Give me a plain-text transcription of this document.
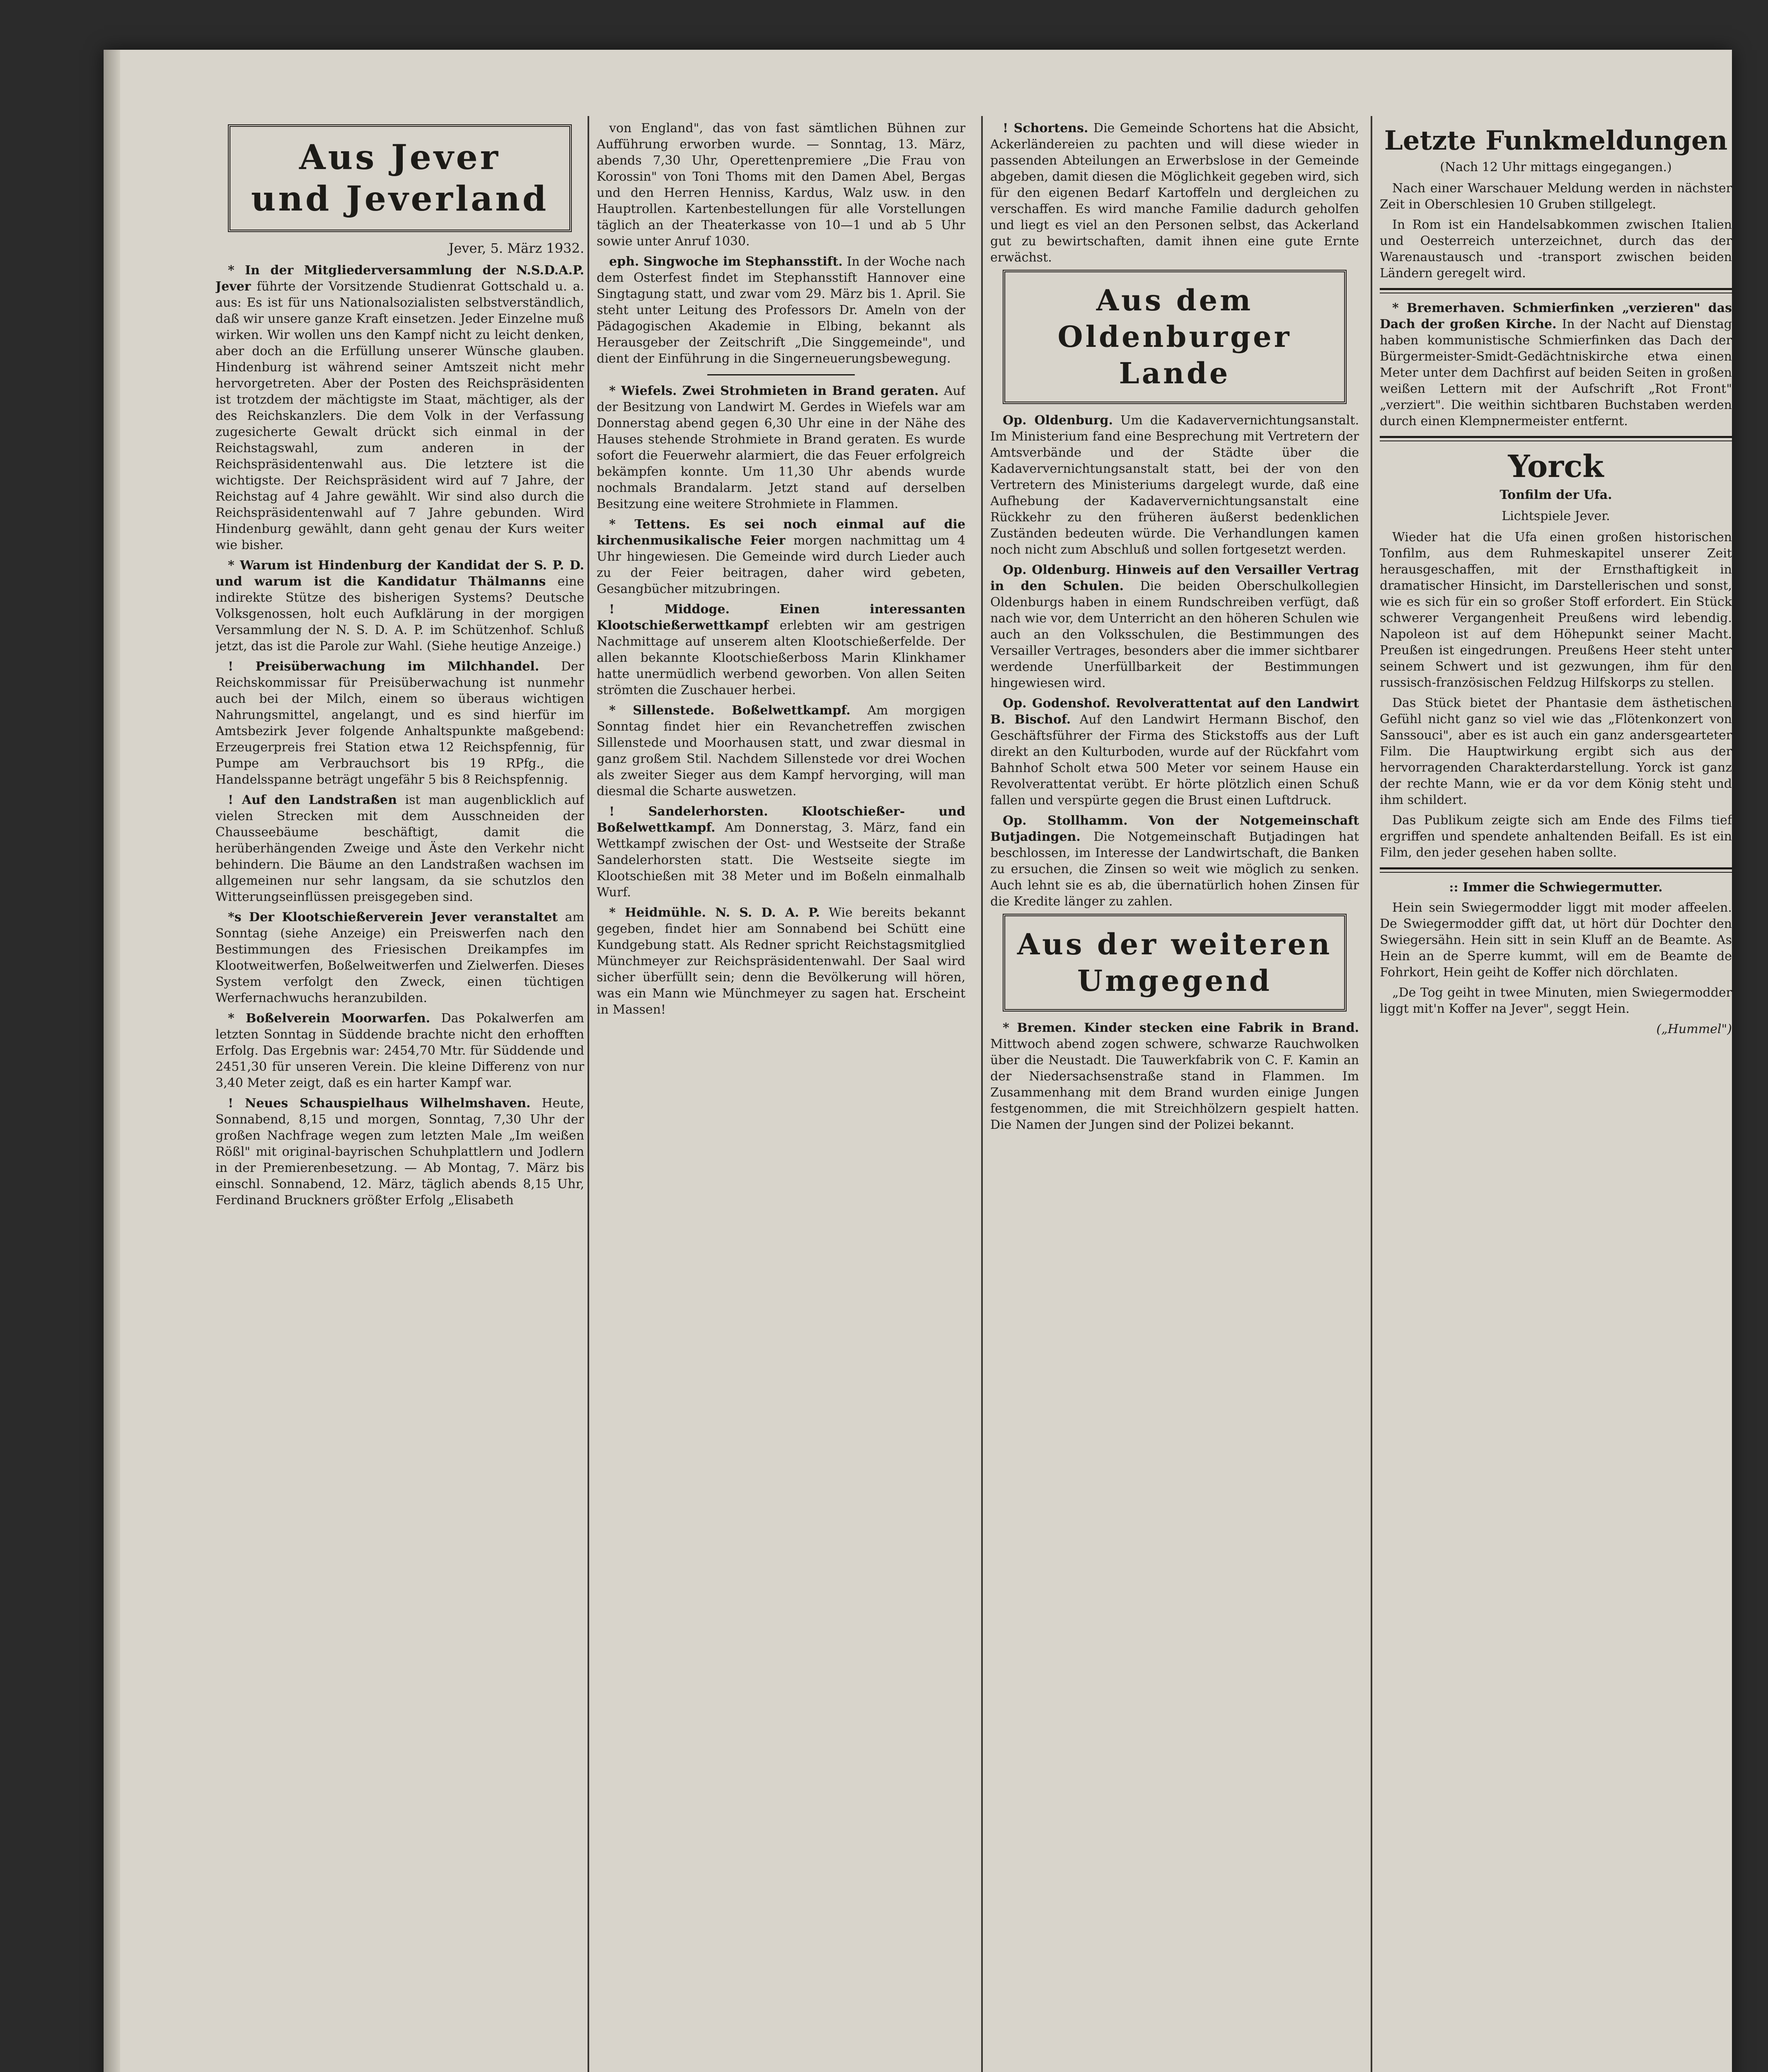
Aus Jever
und Jeverland
Jever, 5. März 1932.

* In der Mitgliederversammlung der N.S.D.A.P. Jever führte der Vorsitzende Studienrat Gottschald u. a. aus: Es ist für uns Nationalsozialisten selbstverständlich, daß wir unsere ganze Kraft einsetzen. Jeder Einzelne muß wirken. Wir wollen uns den Kampf nicht zu leicht denken, aber doch an die Erfüllung unserer Wünsche glauben. Hindenburg ist während seiner Amtszeit nicht mehr hervorgetreten. Aber der Posten des Reichspräsidenten ist trotzdem der mächtigste im Staat, mächtiger, als der des Reichskanzlers. Die dem Volk in der Verfassung zugesicherte Gewalt drückt sich einmal in der Reichstagswahl, zum anderen in der Reichspräsidentenwahl aus. Die letztere ist die wichtigste. Der Reichspräsident wird auf 7 Jahre, der Reichstag auf 4 Jahre gewählt. Wir sind also durch die Reichspräsidentenwahl auf 7 Jahre gebunden. Wird Hindenburg gewählt, dann geht genau der Kurs weiter wie bisher.

* Warum ist Hindenburg der Kandidat der S. P. D. und warum ist die Kandidatur Thälmanns eine indirekte Stütze des bisherigen Systems? Deutsche Volksgenossen, holt euch Aufklärung in der morgigen Versammlung der N. S. D. A. P. im Schützenhof. Schluß jetzt, das ist die Parole zur Wahl. (Siehe heutige Anzeige.)

! Preisüberwachung im Milchhandel. Der Reichskommissar für Preisüberwachung ist nunmehr auch bei der Milch, einem so überaus wichtigen Nahrungsmittel, angelangt, und es sind hierfür im Amtsbezirk Jever folgende Anhaltspunkte maßgebend: Erzeugerpreis frei Station etwa 12 Reichspfennig, für Pumpe am Verbrauchsort bis 19 RPfg., die Handelsspanne beträgt ungefähr 5 bis 8 Reichspfennig.

! Auf den Landstraßen ist man augenblicklich auf vielen Strecken mit dem Ausschneiden der Chausseebäume beschäftigt, damit die herüberhängenden Zweige und Äste den Verkehr nicht behindern. Die Bäume an den Landstraßen wachsen im allgemeinen nur sehr langsam, da sie schutzlos den Witterungseinflüssen preisgegeben sind.

*s Der Klootschießerverein Jever veranstaltet am Sonntag (siehe Anzeige) ein Preiswerfen nach den Bestimmungen des Friesischen Dreikampfes im Klootweitwerfen, Boßelweitwerfen und Zielwerfen. Dieses System verfolgt den Zweck, einen tüchtigen Werfernachwuchs heranzubilden.

* Boßelverein Moorwarfen. Das Pokalwerfen am letzten Sonntag in Süddende brachte nicht den erhofften Erfolg. Das Ergebnis war: 2454,70 Mtr. für Süddende und 2451,30 für unseren Verein. Die kleine Differenz von nur 3,40 Meter zeigt, daß es ein harter Kampf war.

! Neues Schauspielhaus Wilhelmshaven. Heute, Sonnabend, 8,15 und morgen, Sonntag, 7,30 Uhr der großen Nachfrage wegen zum letzten Male „Im weißen Rößl" mit original-bayrischen Schuhplattlern und Jodlern in der Premierenbesetzung. — Ab Montag, 7. März bis einschl. Sonnabend, 12. März, täglich abends 8,15 Uhr, Ferdinand Bruckners größter Erfolg „Elisabeth

von England", das von fast sämtlichen Bühnen zur Aufführung erworben wurde. — Sonntag, 13. März, abends 7,30 Uhr, Operettenpremiere „Die Frau von Korossin" von Toni Thoms mit den Damen Abel, Bergas und den Herren Henniss, Kardus, Walz usw. in den Hauptrollen. Kartenbestellungen für alle Vorstellungen täglich an der Theaterkasse von 10—1 und ab 5 Uhr sowie unter Anruf 1030.

eph. Singwoche im Stephansstift. In der Woche nach dem Osterfest findet im Stephansstift Hannover eine Singtagung statt, und zwar vom 29. März bis 1. April. Sie steht unter Leitung des Professors Dr. Ameln von der Pädagogischen Akademie in Elbing, bekannt als Herausgeber der Zeitschrift „Die Singgemeinde", und dient der Einführung in die Singerneuerungsbewegung.

* Wiefels. Zwei Strohmieten in Brand geraten. Auf der Besitzung von Landwirt M. Gerdes in Wiefels war am Donnerstag abend gegen 6,30 Uhr eine in der Nähe des Hauses stehende Strohmiete in Brand geraten. Es wurde sofort die Feuerwehr alarmiert, die das Feuer erfolgreich bekämpfen konnte. Um 11,30 Uhr abends wurde nochmals Brandalarm. Jetzt stand auf derselben Besitzung eine weitere Strohmiete in Flammen.

* Tettens. Es sei noch einmal auf die kirchenmusikalische Feier morgen nachmittag um 4 Uhr hingewiesen. Die Gemeinde wird durch Lieder auch zu der Feier beitragen, daher wird gebeten, Gesangbücher mitzubringen.

! Middoge. Einen interessanten Klootschießerwettkampf erlebten wir am gestrigen Nachmittage auf unserem alten Klootschießerfelde. Der allen bekannte Klootschießerboss Marin Klinkhamer hatte unermüdlich werbend geworben. Von allen Seiten strömten die Zuschauer herbei.

* Sillenstede. Boßelwettkampf. Am morgigen Sonntag findet hier ein Revanchetreffen zwischen Sillenstede und Moorhausen statt, und zwar diesmal in ganz großem Stil. Nachdem Sillenstede vor drei Wochen als zweiter Sieger aus dem Kampf hervorging, will man diesmal die Scharte auswetzen.

! Sandelerhorsten. Klootschießer- und Boßelwettkampf. Am Donnerstag, 3. März, fand ein Wettkampf zwischen der Ost- und Westseite der Straße Sandelerhorsten statt. Die Westseite siegte im Klootschießen mit 38 Meter und im Boßeln einmalhalb Wurf.

* Heidmühle. N. S. D. A. P. Wie bereits bekannt gegeben, findet hier am Sonnabend bei Schütt eine Kundgebung statt. Als Redner spricht Reichstagsmitglied Münchmeyer zur Reichspräsidentenwahl. Der Saal wird sicher überfüllt sein; denn die Bevölkerung will hören, was ein Mann wie Münchmeyer zu sagen hat. Erscheint in Massen!

! Schortens. Die Gemeinde Schortens hat die Absicht, Ackerländereien zu pachten und will diese wieder in passenden Abteilungen an Erwerbslose in der Gemeinde abgeben, damit diesen die Möglichkeit gegeben wird, sich für den eigenen Bedarf Kartoffeln und dergleichen zu verschaffen. Es wird manche Familie dadurch geholfen und liegt es viel an den Personen selbst, das Ackerland gut zu bewirtschaften, damit ihnen eine gute Ernte erwächst.

Aus dem Oldenburger
Lande

Op. Oldenburg. Um die Kadaververnichtungsanstalt. Im Ministerium fand eine Besprechung mit Vertretern der Amtsverbände und der Städte über die Kadaververnichtungsanstalt statt, bei der von den Vertretern des Ministeriums dargelegt wurde, daß eine Aufhebung der Kadaververnichtungsanstalt eine Rückkehr zu den früheren äußerst bedenklichen Zuständen bedeuten würde. Die Verhandlungen kamen noch nicht zum Abschluß und sollen fortgesetzt werden.

Op. Oldenburg. Hinweis auf den Versailler Vertrag in den Schulen. Die beiden Oberschulkollegien Oldenburgs haben in einem Rundschreiben verfügt, daß nach wie vor, dem Unterricht an den höheren Schulen wie auch an den Volksschulen, die Bestimmungen des Versailler Vertrages, besonders aber die immer sichtbarer werdende Unerfüllbarkeit der Bestimmungen hingewiesen wird.

Op. Godenshof. Revolverattentat auf den Landwirt B. Bischof. Auf den Landwirt Hermann Bischof, den Geschäftsführer der Firma des Stickstoffs aus der Luft direkt an den Kulturboden, wurde auf der Rückfahrt vom Bahnhof Scholt etwa 500 Meter vor seinem Hause ein Revolverattentat verübt. Er hörte plötzlich einen Schuß fallen und verspürte gegen die Brust einen Luftdruck.

Op. Stollhamm. Von der Notgemeinschaft Butjadingen. Die Notgemeinschaft Butjadingen hat beschlossen, im Interesse der Landwirtschaft, die Banken zu ersuchen, die Zinsen so weit wie möglich zu senken. Auch lehnt sie es ab, die übernatürlich hohen Zinsen für die Kredite länger zu zahlen.

Aus der weiteren
Umgegend

* Bremen. Kinder stecken eine Fabrik in Brand. Mittwoch abend zogen schwere, schwarze Rauchwolken über die Neustadt. Die Tauwerkfabrik von C. F. Kamin an der Niedersachsenstraße stand in Flammen. Im Zusammenhang mit dem Brand wurden einige Jungen festgenommen, die mit Streichhölzern gespielt hatten. Die Namen der Jungen sind der Polizei bekannt.

Letzte Funkmeldungen
(Nach 12 Uhr mittags eingegangen.)

Nach einer Warschauer Meldung werden in nächster Zeit in Oberschlesien 10 Gruben stillgelegt.

In Rom ist ein Handelsabkommen zwischen Italien und Oesterreich unterzeichnet, durch das der Warenaustausch und -transport zwischen beiden Ländern geregelt wird.

* Bremerhaven. Schmierfinken „verzieren" das Dach der großen Kirche. In der Nacht auf Dienstag haben kommunistische Schmierfinken das Dach der Bürgermeister-Smidt-Gedächtniskirche etwa einen Meter unter dem Dachfirst auf beiden Seiten in großen weißen Lettern mit der Aufschrift „Rot Front" „verziert". Die weithin sichtbaren Buchstaben werden durch einen Klempnermeister entfernt.

Yorck
Tonfilm der Ufa.
Lichtspiele Jever.

Wieder hat die Ufa einen großen historischen Tonfilm, aus dem Ruhmeskapitel unserer Zeit herausgeschaffen, mit der Ernsthaftigkeit in dramatischer Hinsicht, im Darstellerischen und sonst, wie es sich für ein so großer Stoff erfordert. Ein Stück schwerer Vergangenheit Preußens wird lebendig. Napoleon ist auf dem Höhepunkt seiner Macht. Preußen ist eingedrungen. Preußens Heer steht unter seinem Schwert und ist gezwungen, ihm für den russisch-französischen Feldzug Hilfskorps zu stellen.

Das Stück bietet der Phantasie dem ästhetischen Gefühl nicht ganz so viel wie das „Flötenkonzert von Sanssouci", aber es ist auch ein ganz andersgearteter Film. Die Hauptwirkung ergibt sich aus der hervorragenden Charakterdarstellung. Yorck ist ganz der rechte Mann, wie er da vor dem König steht und ihm schildert.

Das Publikum zeigte sich am Ende des Films tief ergriffen und spendete anhaltenden Beifall. Es ist ein Film, den jeder gesehen haben sollte.

:: Immer die Schwiegermutter.

Hein sein Swiegermodder liggt mit moder affeelen. De Swiegermodder gifft dat, ut hört dür Dochter den Swiegersähn. Hein sitt in sein Kluff an de Beamte. As Hein an de Sperre kummt, will em de Beamte de Fohrkort, Hein geiht de Koffer nich dörchlaten.

„De Tog geiht in twee Minuten, mien Swiegermodder liggt mit'n Koffer na Jever", seggt Hein.

(„Hummel")
